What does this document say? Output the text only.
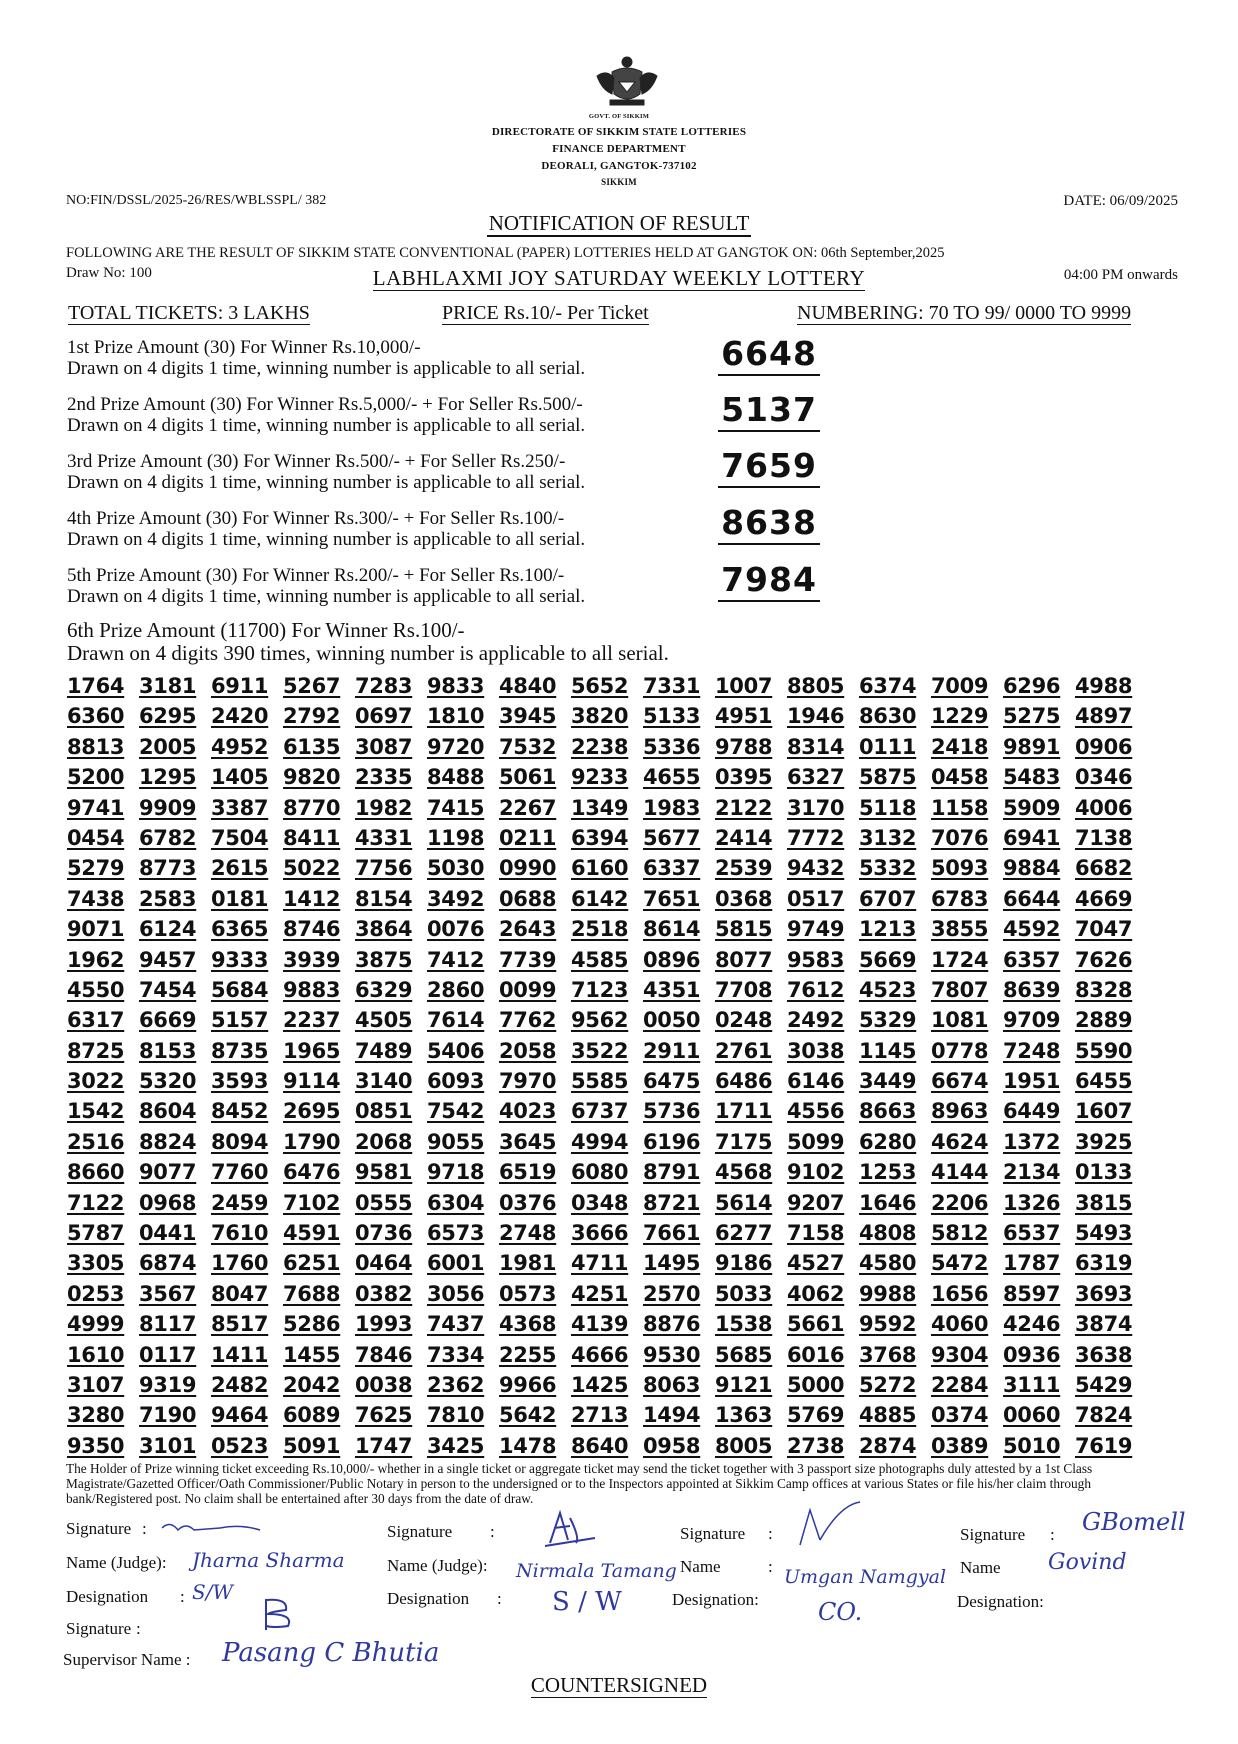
GOVT. OF SIKKIM
DIRECTORATE OF SIKKIM STATE LOTTERIES
FINANCE DEPARTMENT
DEORALI, GANGTOK-737102
SIKKIM
NO:FIN/DSSL/2025-26/RES/WBLSSPL/ 382	DATE: 06/09/2025
NOTIFICATION OF RESULT
FOLLOWING ARE THE RESULT OF SIKKIM STATE CONVENTIONAL (PAPER) LOTTERIES HELD AT GANGTOK ON: 06th September,2025
Draw No: 100	LABHLAXMI JOY SATURDAY WEEKLY LOTTERY	04:00 PM onwards
TOTAL TICKETS: 3 LAKHS	PRICE Rs.10/- Per Ticket	NUMBERING: 70 TO 99/ 0000 TO 9999
1st Prize Amount (30) For Winner Rs.10,000/-
Drawn on 4 digits 1 time, winning number is applicable to all serial.	6648
2nd Prize Amount (30) For Winner Rs.5,000/- + For Seller Rs.500/-
Drawn on 4 digits 1 time, winning number is applicable to all serial.	5137
3rd Prize Amount (30) For Winner Rs.500/- + For Seller Rs.250/-
Drawn on 4 digits 1 time, winning number is applicable to all serial.	7659
4th Prize Amount (30) For Winner Rs.300/- + For Seller Rs.100/-
Drawn on 4 digits 1 time, winning number is applicable to all serial.	8638
5th Prize Amount (30) For Winner Rs.200/- + For Seller Rs.100/-
Drawn on 4 digits 1 time, winning number is applicable to all serial.	7984
6th Prize Amount (11700) For Winner Rs.100/-
Drawn on 4 digits 390 times, winning number is applicable to all serial.
1764 3181 6911 5267 7283 9833 4840 5652 7331 1007 8805 6374 7009 6296 4988
6360 6295 2420 2792 0697 1810 3945 3820 5133 4951 1946 8630 1229 5275 4897
8813 2005 4952 6135 3087 9720 7532 2238 5336 9788 8314 0111 2418 9891 0906
5200 1295 1405 9820 2335 8488 5061 9233 4655 0395 6327 5875 0458 5483 0346
9741 9909 3387 8770 1982 7415 2267 1349 1983 2122 3170 5118 1158 5909 4006
0454 6782 7504 8411 4331 1198 0211 6394 5677 2414 7772 3132 7076 6941 7138
5279 8773 2615 5022 7756 5030 0990 6160 6337 2539 9432 5332 5093 9884 6682
7438 2583 0181 1412 8154 3492 0688 6142 7651 0368 0517 6707 6783 6644 4669
9071 6124 6365 8746 3864 0076 2643 2518 8614 5815 9749 1213 3855 4592 7047
1962 9457 9333 3939 3875 7412 7739 4585 0896 8077 9583 5669 1724 6357 7626
4550 7454 5684 9883 6329 2860 0099 7123 4351 7708 7612 4523 7807 8639 8328
6317 6669 5157 2237 4505 7614 7762 9562 0050 0248 2492 5329 1081 9709 2889
8725 8153 8735 1965 7489 5406 2058 3522 2911 2761 3038 1145 0778 7248 5590
3022 5320 3593 9114 3140 6093 7970 5585 6475 6486 6146 3449 6674 1951 6455
1542 8604 8452 2695 0851 7542 4023 6737 5736 1711 4556 8663 8963 6449 1607
2516 8824 8094 1790 2068 9055 3645 4994 6196 7175 5099 6280 4624 1372 3925
8660 9077 7760 6476 9581 9718 6519 6080 8791 4568 9102 1253 4144 2134 0133
7122 0968 2459 7102 0555 6304 0376 0348 8721 5614 9207 1646 2206 1326 3815
5787 0441 7610 4591 0736 6573 2748 3666 7661 6277 7158 4808 5812 6537 5493
3305 6874 1760 6251 0464 6001 1981 4711 1495 9186 4527 4580 5472 1787 6319
0253 3567 8047 7688 0382 3056 0573 4251 2570 5033 4062 9988 1656 8597 3693
4999 8117 8517 5286 1993 7437 4368 4139 8876 1538 5661 9592 4060 4246 3874
1610 0117 1411 1455 7846 7334 2255 4666 9530 5685 6016 3768 9304 0936 3638
3107 9319 2482 2042 0038 2362 9966 1425 8063 9121 5000 5272 2284 3111 5429
3280 7190 9464 6089 7625 7810 5642 2713 1494 1363 5769 4885 0374 0060 7824
9350 3101 0523 5091 1747 3425 1478 8640 0958 8005 2738 2874 0389 5010 7619
The Holder of Prize winning ticket exceeding Rs.10,000/- whether in a single ticket or aggregate ticket may send the ticket together with 3 passport size photographs duly attested by a 1st Class Magistrate/Gazetted Officer/Oath Commissioner/Public Notary in person to the undersigned or to the Inspectors appointed at Sikkim Camp offices at various States or file his/her claim through bank/Registered post. No claim shall be entertained after 30 days from the date of draw.
Signature :
Name (Judge): Jharna Sharma
Designation : S/W
Signature :
Name (Judge): Nirmala Tamang
Designation : S / W
Signature :
Name	: Umgan Namgyal
Designation: CO.
Signature : GBomell
Name Govind
Designation:
Signature :
Supervisor Name : Pasang C Bhutia
COUNTERSIGNED
